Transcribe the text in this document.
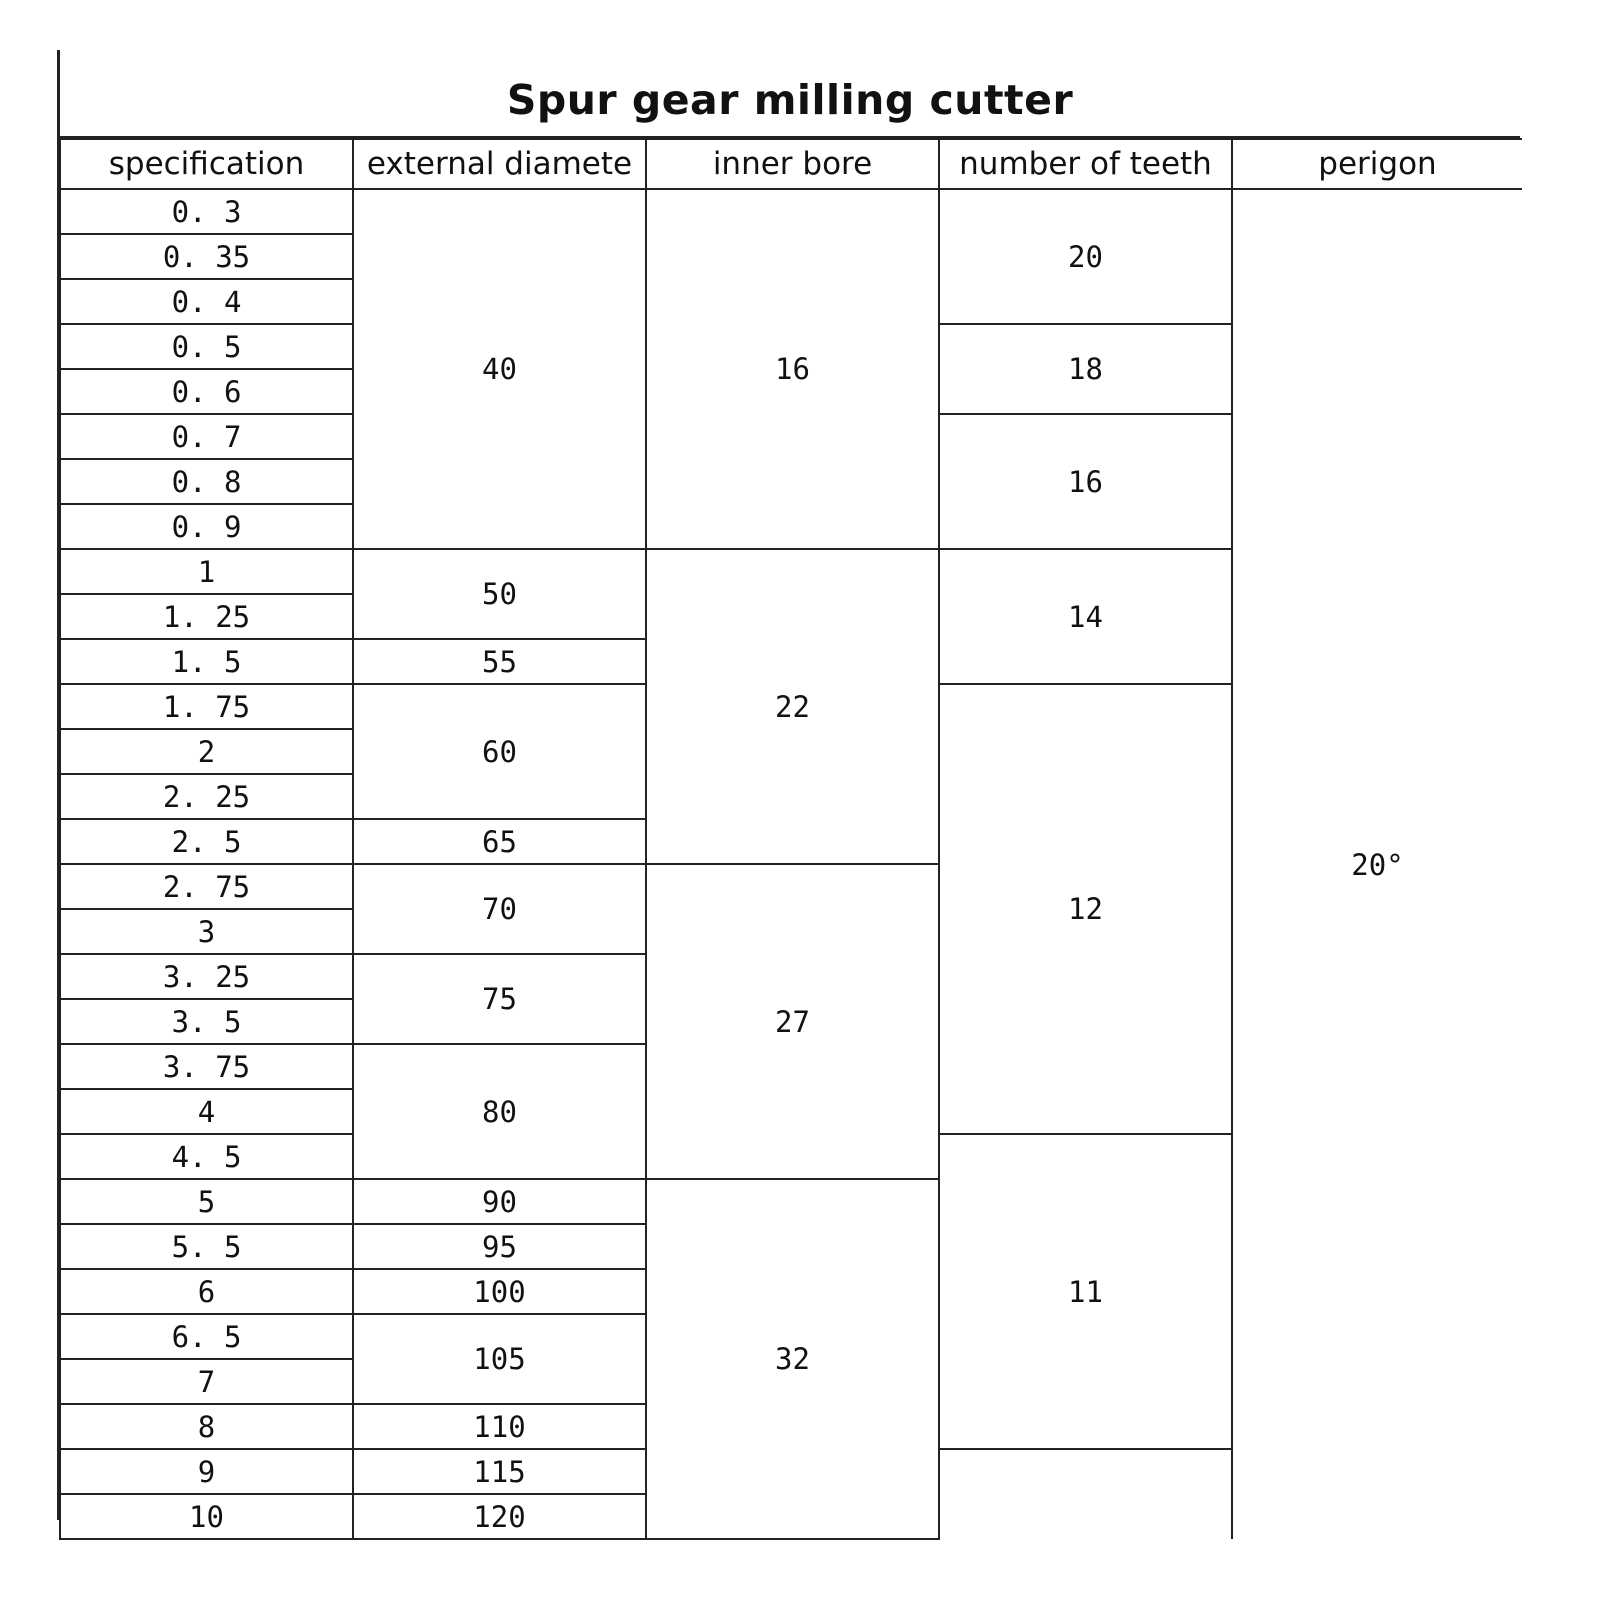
Spur gear milling cutter
specification	external diamete	inner bore	number of teeth	perigon
0. 3	40	16	20	20°
0. 35				
0. 4				
0. 5			18	
0. 6				
0. 7			16	
0. 8				
0. 9				
1	50	22	14	
1. 25				
1. 5	55			
1. 75	60		12	
2				
2. 25				
2. 5	65			
2. 75	70	27		
3				
3. 25	75			
3. 5				
3. 75	80			
4				
4. 5			11	
5	90	32		
5. 5	95			
6	100			
6. 5	105			
7				
8	110			
9	115			
10	120			
